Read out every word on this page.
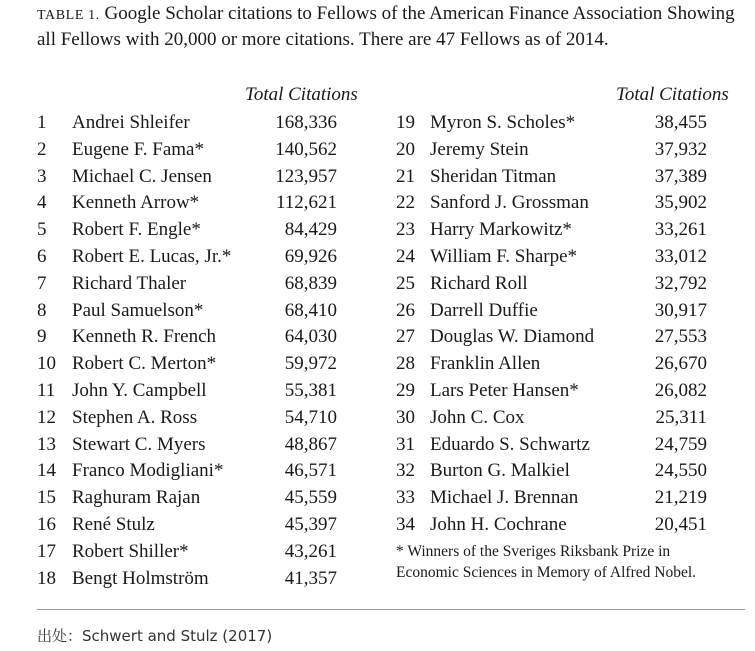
TABLE 1. Google Scholar citations to Fellows of the American Finance Association Showing all Fellows with 20,000 or more citations. There are 47 Fellows as of 2014.

Total Citations	Total Citations
1 Andrei Shleifer	168,336
2 Eugene F. Fama*	140,562
3 Michael C. Jensen	123,957
4 Kenneth Arrow*	112,621
5 Robert F. Engle*	84,429
6 Robert E. Lucas, Jr.*	69,926
7 Richard Thaler	68,839
8 Paul Samuelson*	68,410
9 Kenneth R. French	64,030
10 Robert C. Merton*	59,972
11 John Y. Campbell	55,381
12 Stephen A. Ross	54,710
13 Stewart C. Myers	48,867
14 Franco Modigliani*	46,571
15 Raghuram Rajan	45,559
16 René Stulz	45,397
17 Robert Shiller*	43,261
18 Bengt Holmström	41,357
19 Myron S. Scholes*	38,455
20 Jeremy Stein	37,932
21 Sheridan Titman	37,389
22 Sanford J. Grossman	35,902
23 Harry Markowitz*	33,261
24 William F. Sharpe*	33,012
25 Richard Roll	32,792
26 Darrell Duffie	30,917
27 Douglas W. Diamond	27,553
28 Franklin Allen	26,670
29 Lars Peter Hansen*	26,082
30 John C. Cox	25,311
31 Eduardo S. Schwartz	24,759
32 Burton G. Malkiel	24,550
33 Michael J. Brennan	21,219
34 John H. Cochrane	20,451

* Winners of the Sveriges Riksbank Prize in Economic Sciences in Memory of Alfred Nobel.

出处：Schwert and Stulz (2017)
